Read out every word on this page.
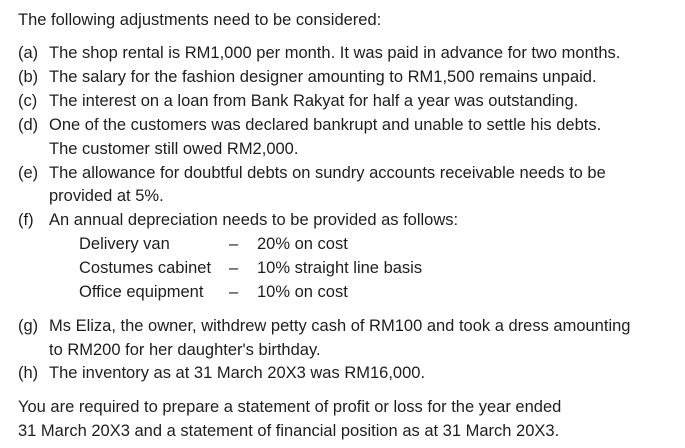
The following adjustments need to be considered:
(a) The shop rental is RM1,000 per month. It was paid in advance for two months.
(b) The salary for the fashion designer amounting to RM1,500 remains unpaid.
(c) The interest on a loan from Bank Rakyat for half a year was outstanding.
(d) One of the customers was declared bankrupt and unable to settle his debts.
The customer still owed RM2,000.
(e) The allowance for doubtful debts on sundry accounts receivable needs to be
provided at 5%.
(f) An annual depreciation needs to be provided as follows:
Delivery van	– 20% on cost
Costumes cabinet – 10% straight line basis
Office equipment – 10% on cost
(g) Ms Eliza, the owner, withdrew petty cash of RM100 and took a dress amounting
to RM200 for her daughter's birthday.
(h) The inventory as at 31 March 20X3 was RM16,000.
You are required to prepare a statement of profit or loss for the year ended
31 March 20X3 and a statement of financial position as at 31 March 20X3.
